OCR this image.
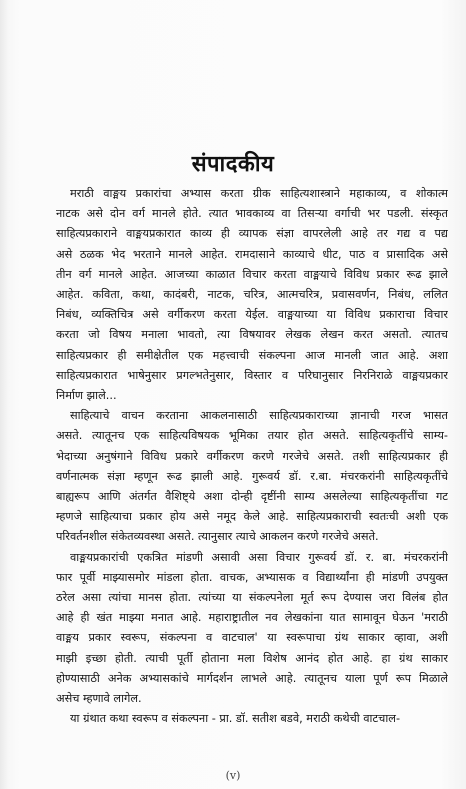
संपादकीय

मराठी वाङ्मय प्रकारांचा अभ्यास करता ग्रीक साहित्यशास्त्राने महाकाव्य, व शोकात्म
नाटक असे दोन वर्ग मानले होते. त्यात भावकाव्य वा तिसऱ्या वर्गाची भर पडली. संस्कृत
साहित्यप्रकाराने वाङ्मयप्रकारात काव्य ही व्यापक संज्ञा वापरलेली आहे तर गद्य व पद्य
असे ठळक भेद भरताने मानले आहेत. रामदासाने काव्याचे धीट, पाठ व प्रासादिक असे
तीन वर्ग मानले आहेत. आजच्या काळात विचार करता वाङ्मयाचे विविध प्रकार रूढ झाले
आहेत. कविता, कथा, कादंबरी, नाटक, चरित्र, आत्मचरित्र, प्रवासवर्णन, निबंध, ललित
निबंध, व्यक्तिचित्र असे वर्गीकरण करता येईल. वाङ्मयाच्या या विविध प्रकाराचा विचार
करता जो विषय मनाला भावतो, त्या विषयावर लेखक लेखन करत असतो. त्यातच
साहित्यप्रकार ही समीक्षेतील एक महत्त्वाची संकल्पना आज मानली जात आहे. अशा
साहित्यप्रकारात भाषेनुसार प्रगल्भतेनुसार, विस्तार व परिघानुसार निरनिराळे वाङ्मयप्रकार
निर्माण झाले...

साहित्याचे वाचन करताना आकलनासाठी साहित्यप्रकाराच्या ज्ञानाची गरज भासत
असते. त्यातूनच एक साहित्यविषयक भूमिका तयार होत असते. साहित्यकृतींचे साम्य-
भेदाच्या अनुषंगाने विविध प्रकारे वर्गीकरण करणे गरजेचे असते. तशी साहित्यप्रकार ही
वर्णनात्मक संज्ञा म्हणून रूढ झाली आहे. गुरूवर्य डॉ. र.बा. मंचरकरांनी साहित्यकृतींचे
बाह्यरूप आणि अंतर्गत वैशिष्ट्ये अशा दोन्ही दृष्टींनी साम्य असलेल्या साहित्यकृतींचा गट
म्हणजे साहित्याचा प्रकार होय असे नमूद केले आहे. साहित्यप्रकाराची स्वतःची अशी एक
परिवर्तनशील संकेतव्यवस्था असते. त्यानुसार त्याचे आकलन करणे गरजेचे असते.

वाङ्मयप्रकारांची एकत्रित मांडणी असावी असा विचार गुरूवर्य डॉ. र. बा. मंचरकरांनी
फार पूर्वी माझ्यासमोर मांडला होता. वाचक, अभ्यासक व विद्यार्थ्यांना ही मांडणी उपयुक्त
ठरेल असा त्यांचा मानस होता. त्यांच्या या संकल्पनेला मूर्त रूप देण्यास जरा विलंब होत
आहे ही खंत माझ्या मनात आहे. महाराष्ट्रातील नव लेखकांना यात सामावून घेऊन 'मराठी
वाङ्मय प्रकार स्वरूप, संकल्पना व वाटचाल' या स्वरूपाचा ग्रंथ साकार व्हावा, अशी
माझी इच्छा होती. त्याची पूर्ती होताना मला विशेष आनंद होत आहे. हा ग्रंथ साकार
होण्यासाठी अनेक अभ्यासकांचे मार्गदर्शन लाभले आहे. त्यातूनच याला पूर्ण रूप मिळाले
असेच म्हणावे लागेल.

या ग्रंथात कथा स्वरूप व संकल्पना - प्रा. डॉ. सतीश बडवे, मराठी कथेची वाटचाल-

(v)
